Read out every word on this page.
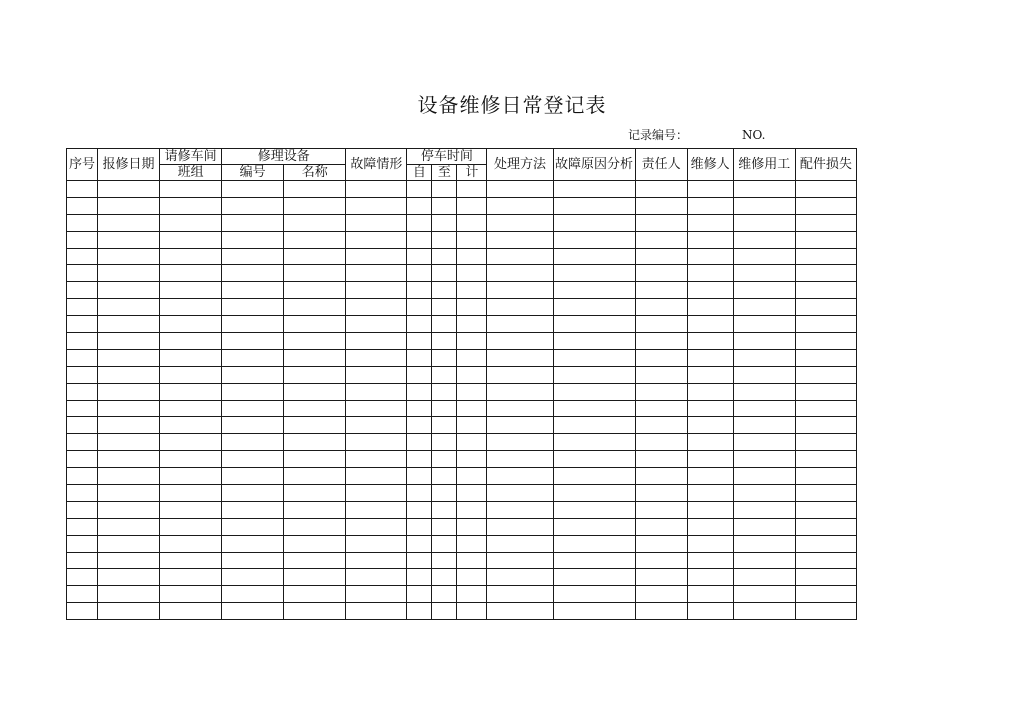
设备维修日常登记表
记录编号：	NO.
序号	报修日期	请修车间	修理设备		故障情形	停车时间			处理方法	故障原因分析	责任人	维修人	维修用工	配件损失
		班组	编号	名称		自	至	计						
